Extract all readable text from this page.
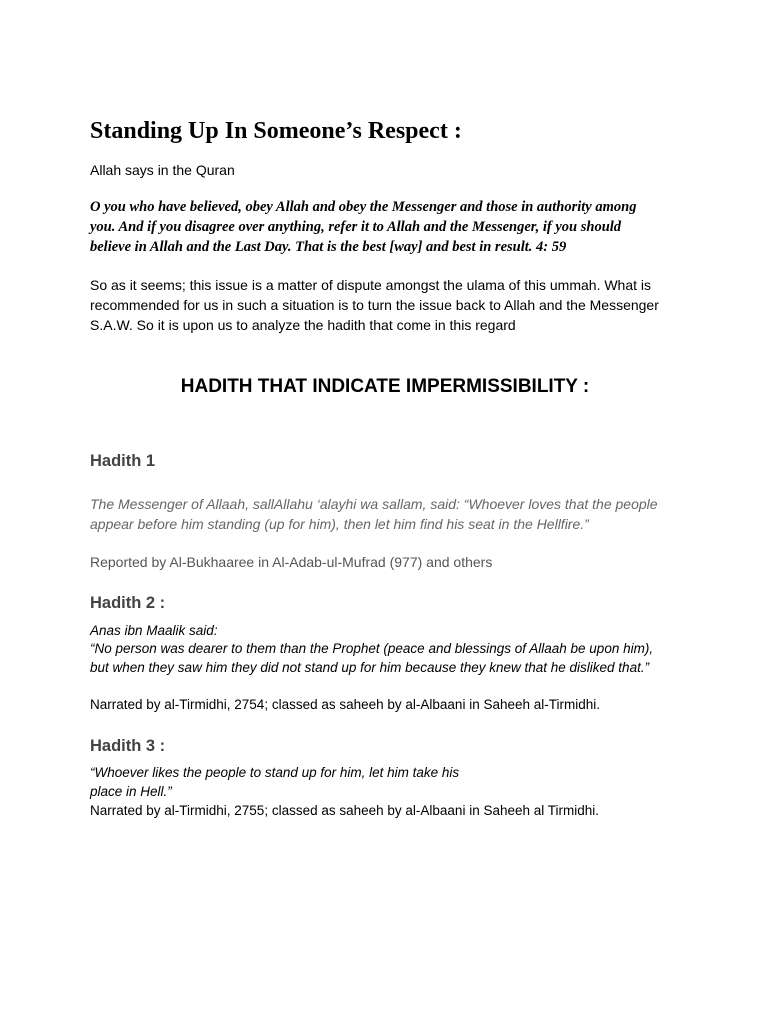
Standing Up In Someone’s Respect :

Allah says in the Quran

O you who have believed, obey Allah and obey the Messenger and those in authority among
you. And if you disagree over anything, refer it to Allah and the Messenger, if you should
believe in Allah and the Last Day. That is the best [way] and best in result. 4: 59

So as it seems; this issue is a matter of dispute amongst the ulama of this ummah. What is
recommended for us in such a situation is to turn the issue back to Allah and the Messenger
S.A.W. So it is upon us to analyze the hadith that come in this regard

HADITH THAT INDICATE IMPERMISSIBILITY :
Hadith 1

The Messenger of Allaah, sallAllahu ‘alayhi wa sallam, said: “Whoever loves that the people
appear before him standing (up for him), then let him find his seat in the Hellfire.”

Reported by Al-Bukhaaree in Al-Adab-ul-Mufrad (977) and others

Hadith 2 :

Anas ibn Maalik said:

“No person was dearer to them than the Prophet (peace and blessings of Allaah be upon him),
but when they saw him they did not stand up for him because they knew that he disliked that.”

Narrated by al-Tirmidhi, 2754; classed as saheeh by al-Albaani in Saheeh al-Tirmidhi.

Hadith 3 :

“Whoever likes the people to stand up for him, let him take his
place in Hell.”

Narrated by al-Tirmidhi, 2755; classed as saheeh by al-Albaani in Saheeh al Tirmidhi.
